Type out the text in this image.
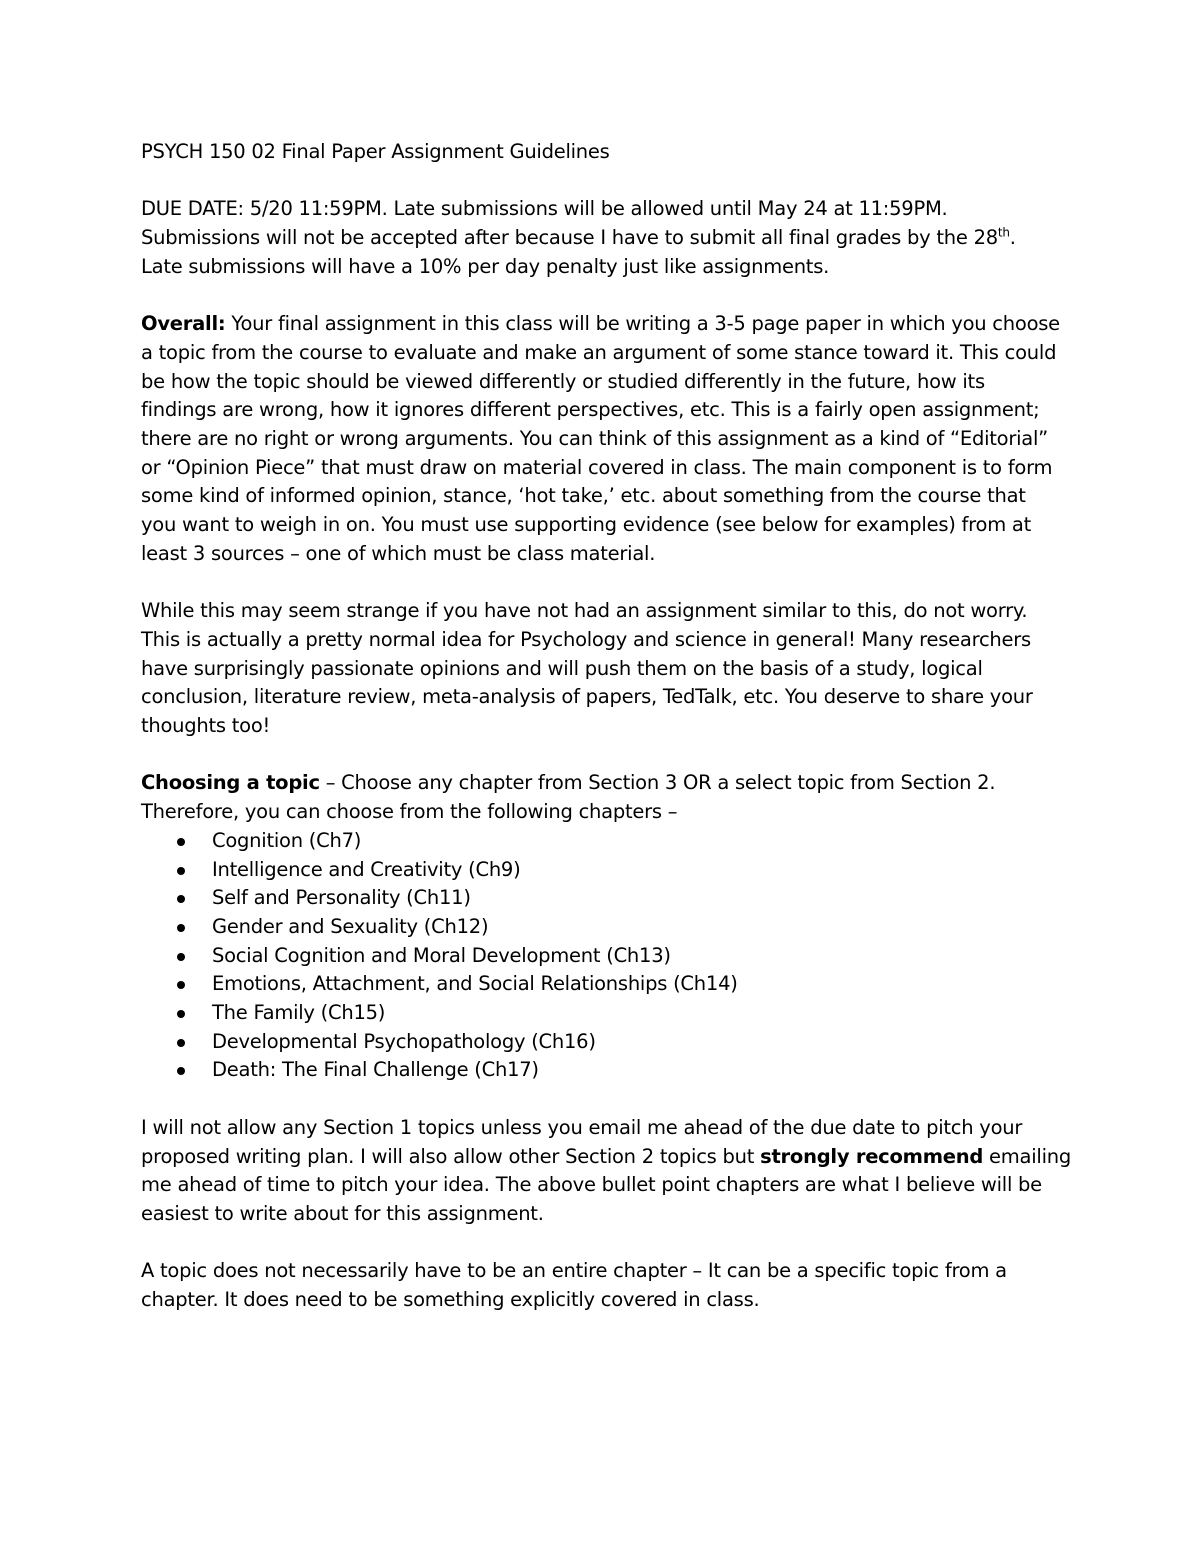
PSYCH 150 02 Final Paper Assignment Guidelines

DUE DATE: 5/20 11:59PM. Late submissions will be allowed until May 24 at 11:59PM.
Submissions will not be accepted after because I have to submit all final grades by the 28th.
Late submissions will have a 10% per day penalty just like assignments.

Overall: Your final assignment in this class will be writing a 3-5 page paper in which you choose
a topic from the course to evaluate and make an argument of some stance toward it. This could
be how the topic should be viewed differently or studied differently in the future, how its
findings are wrong, how it ignores different perspectives, etc. This is a fairly open assignment;
there are no right or wrong arguments. You can think of this assignment as a kind of “Editorial”
or “Opinion Piece” that must draw on material covered in class. The main component is to form
some kind of informed opinion, stance, ‘hot take,’ etc. about something from the course that
you want to weigh in on. You must use supporting evidence (see below for examples) from at
least 3 sources – one of which must be class material.

While this may seem strange if you have not had an assignment similar to this, do not worry.
This is actually a pretty normal idea for Psychology and science in general! Many researchers
have surprisingly passionate opinions and will push them on the basis of a study, logical
conclusion, literature review, meta-analysis of papers, TedTalk, etc. You deserve to share your
thoughts too!

Choosing a topic – Choose any chapter from Section 3 OR a select topic from Section 2.
Therefore, you can choose from the following chapters –

Cognition (Ch7)
Intelligence and Creativity (Ch9)
Self and Personality (Ch11)
Gender and Sexuality (Ch12)
Social Cognition and Moral Development (Ch13)
Emotions, Attachment, and Social Relationships (Ch14)
The Family (Ch15)
Developmental Psychopathology (Ch16)
Death: The Final Challenge (Ch17)

I will not allow any Section 1 topics unless you email me ahead of the due date to pitch your
proposed writing plan. I will also allow other Section 2 topics but strongly recommend emailing
me ahead of time to pitch your idea. The above bullet point chapters are what I believe will be
easiest to write about for this assignment.

A topic does not necessarily have to be an entire chapter – It can be a specific topic from a
chapter. It does need to be something explicitly covered in class.
